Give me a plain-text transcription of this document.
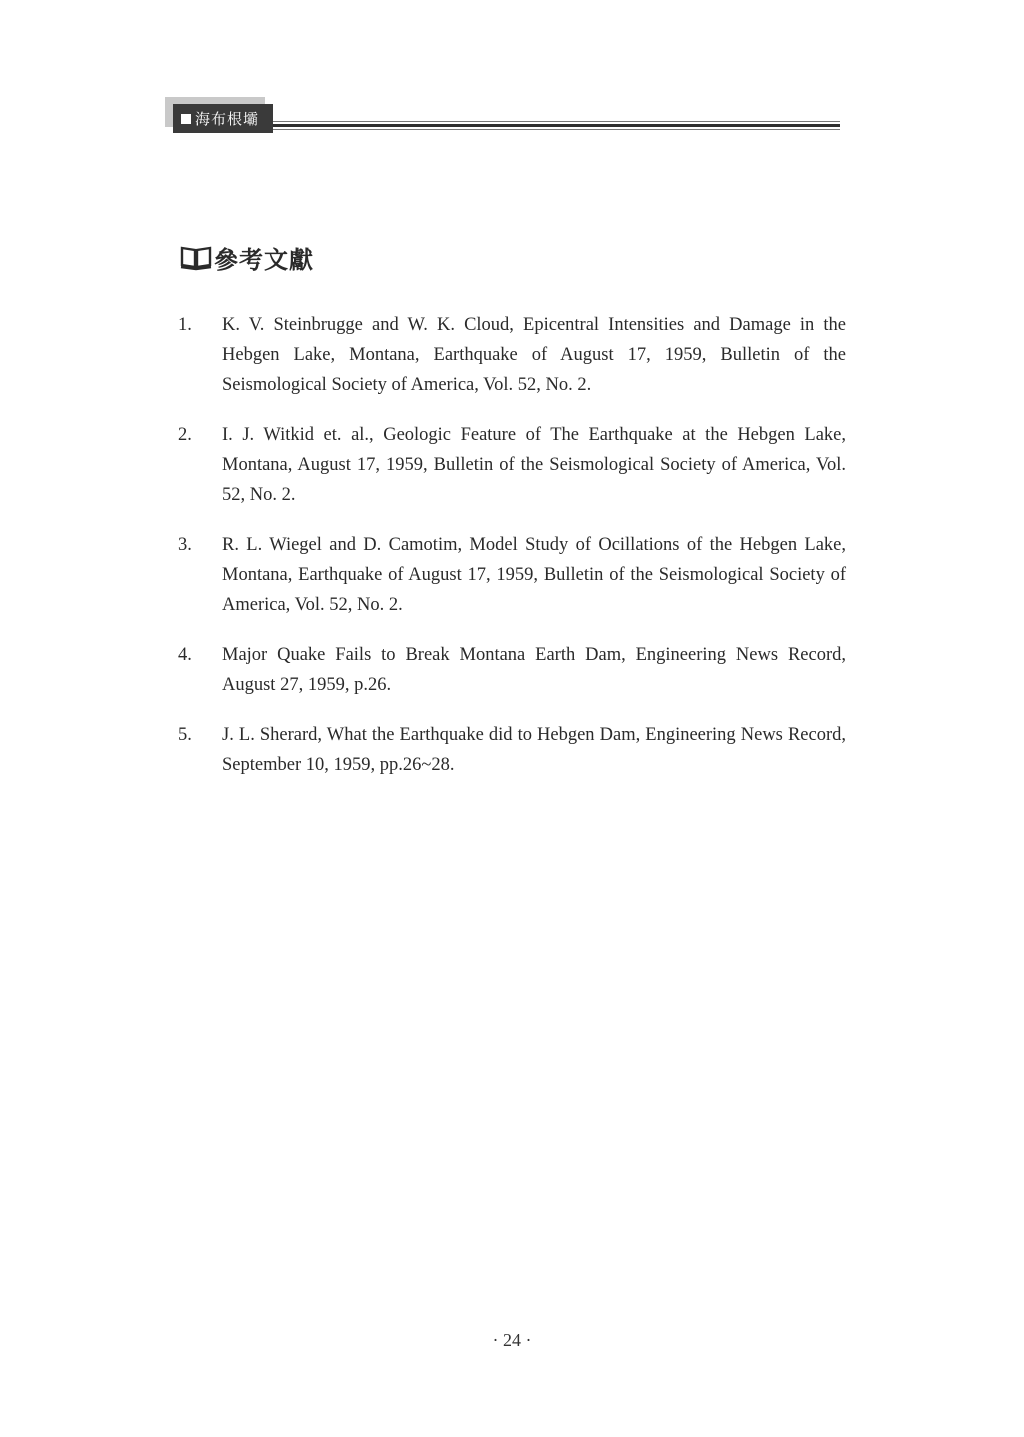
海布根壩
參考文獻
1.	K. V. Steinbrugge and W. K. Cloud, Epicentral Intensities and Damage in the Hebgen Lake, Montana, Earthquake of August 17, 1959, Bulletin of the Seismological Society of America, Vol. 52, No. 2.
2.	I. J. Witkid et. al., Geologic Feature of The Earthquake at the Hebgen Lake, Montana, August 17, 1959, Bulletin of the Seismological Society of America, Vol. 52, No. 2.
3.	R. L. Wiegel and D. Camotim, Model Study of Ocillations of the Hebgen Lake, Montana, Earthquake of August 17, 1959, Bulletin of the Seismological Society of America, Vol. 52, No. 2.
4.	Major Quake Fails to Break Montana Earth Dam, Engineering News Record, August 27, 1959, p.26.
5.	J. L. Sherard, What the Earthquake did to Hebgen Dam, Engineering News Record, September 10, 1959, pp.26~28.
· 24 ·
